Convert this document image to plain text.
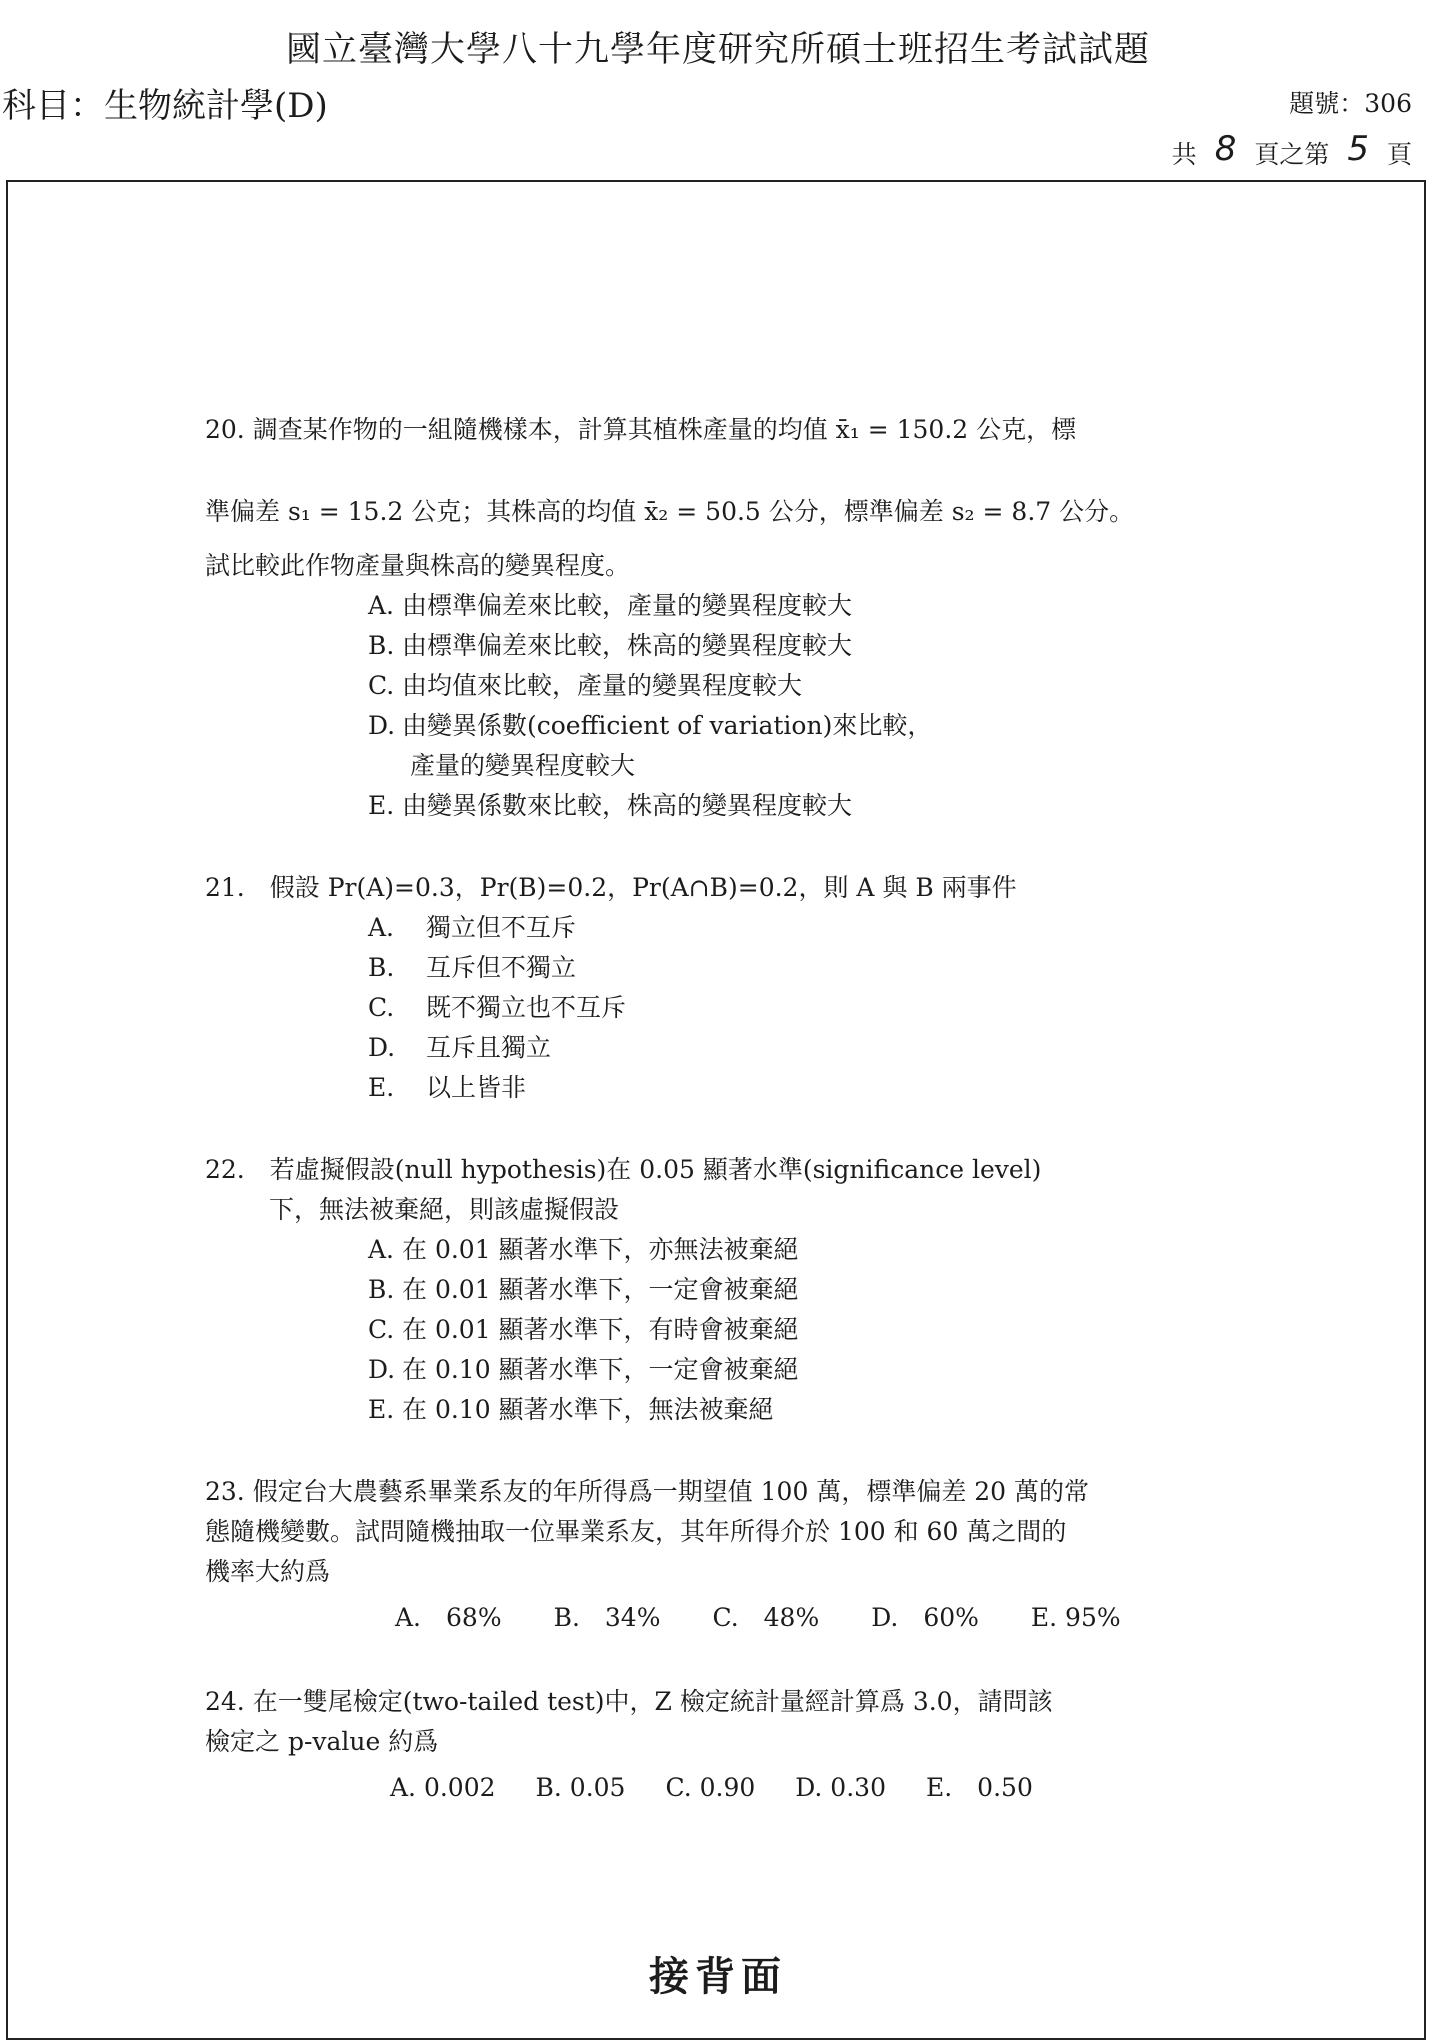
國立臺灣大學八十九學年度研究所碩士班招生考試試題
科目：生物統計學(D)	題號：306
共 8 頁之第 5 頁
20. 調查某作物的一組隨機樣本，計算其植株產量的均值 x̄₁ = 150.2 公克，標
準偏差 s₁ = 15.2 公克；其株高的均值 x̄₂ = 50.5 公分，標準偏差 s₂ = 8.7 公分。
試比較此作物產量與株高的變異程度。
A. 由標準偏差來比較，產量的變異程度較大
B. 由標準偏差來比較，株高的變異程度較大
C. 由均值來比較，產量的變異程度較大
D. 由變異係數(coefficient of variation)來比較，
產量的變異程度較大
E. 由變異係數來比較，株高的變異程度較大
21.　假設 Pr(A)=0.3，Pr(B)=0.2，Pr(A∩B)=0.2，則 A 與 B 兩事件
A. 獨立但不互斥
B. 互斥但不獨立
C. 既不獨立也不互斥
D. 互斥且獨立
E. 以上皆非
22.　若虛擬假設(null hypothesis)在 0.05 顯著水準(significance level)
下，無法被棄絕，則該虛擬假設
A. 在 0.01 顯著水準下，亦無法被棄絕
B. 在 0.01 顯著水準下，一定會被棄絕
C. 在 0.01 顯著水準下，有時會被棄絕
D. 在 0.10 顯著水準下，一定會被棄絕
E. 在 0.10 顯著水準下，無法被棄絕
23. 假定台大農藝系畢業系友的年所得爲一期望值 100 萬，標準偏差 20 萬的常
態隨機變數。試問隨機抽取一位畢業系友，其年所得介於 100 和 60 萬之間的
機率大約爲
A.　68% B.　34% C.　48% D.　60% E. 95%
24. 在一雙尾檢定(two-tailed test)中，Z 檢定統計量經計算爲 3.0，請問該
檢定之 p-value 約爲
A. 0.002 B. 0.05 C. 0.90 D. 0.30 E.　0.50
接背面
